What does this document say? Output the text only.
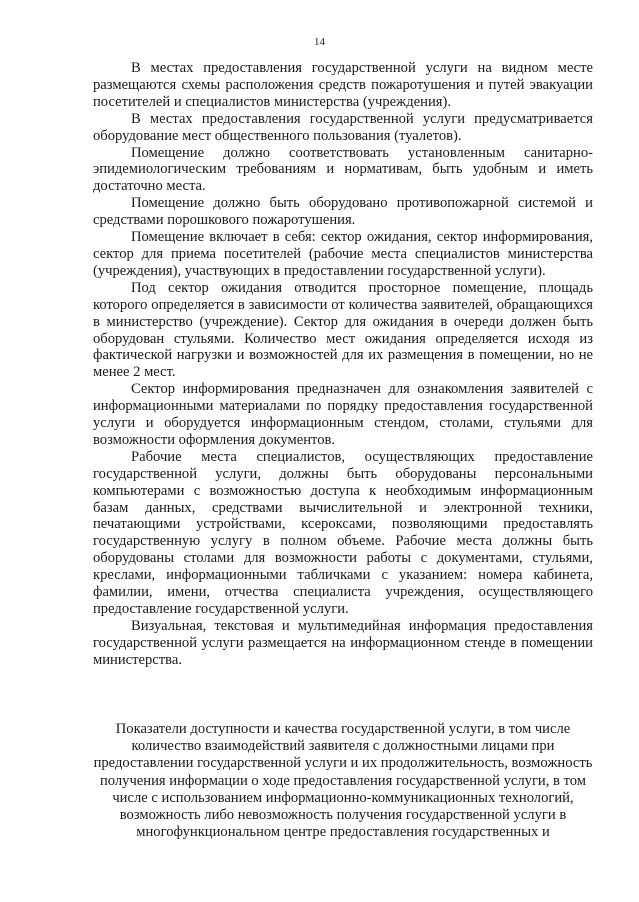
14

В местах предоставления государственной услуги на видном месте размещаются схемы расположения средств пожаротушения и путей эвакуации посетителей и специалистов министерства (учреждения).

В местах предоставления государственной услуги предусматривается оборудование мест общественного пользования (туалетов).

Помещение должно соответствовать установленным санитарно-эпидемиологическим требованиям и нормативам, быть удобным и иметь достаточно места.

Помещение должно быть оборудовано противопожарной системой и средствами порошкового пожаротушения.

Помещение включает в себя: сектор ожидания, сектор информирования, сектор для приема посетителей (рабочие места специалистов министерства (учреждения), участвующих в предоставлении государственной услуги).

Под сектор ожидания отводится просторное помещение, площадь которого определяется в зависимости от количества заявителей, обращающихся в министерство (учреждение). Сектор для ожидания в очереди должен быть оборудован стульями. Количество мест ожидания определяется исходя из фактической нагрузки и возможностей для их размещения в помещении, но не менее 2 мест.

Сектор информирования предназначен для ознакомления заявителей с информационными материалами по порядку предоставления государственной услуги и оборудуется информационным стендом, столами, стульями для возможности оформления документов.

Рабочие места специалистов, осуществляющих предоставление государственной услуги, должны быть оборудованы персональными компьютерами с возможностью доступа к необходимым информационным базам данных, средствами вычислительной и электронной техники, печатающими устройствами, ксероксами, позволяющими предоставлять государственную услугу в полном объеме. Рабочие места должны быть оборудованы столами для возможности работы с документами, стульями, креслами, информационными табличками с указанием: номера кабинета, фамилии, имени, отчества специалиста учреждения, осуществляющего предоставление государственной услуги.

Визуальная, текстовая и мультимедийная информация предоставления государственной услуги размещается на информационном стенде в помещении министерства.

Показатели доступности и качества государственной услуги, в том числе количество взаимодействий заявителя с должностными лицами при предоставлении государственной услуги и их продолжительность, возможность получения информации о ходе предоставления государственной услуги, в том числе с использованием информационно-коммуникационных технологий, возможность либо невозможность получения государственной услуги в многофункциональном центре предоставления государственных и
